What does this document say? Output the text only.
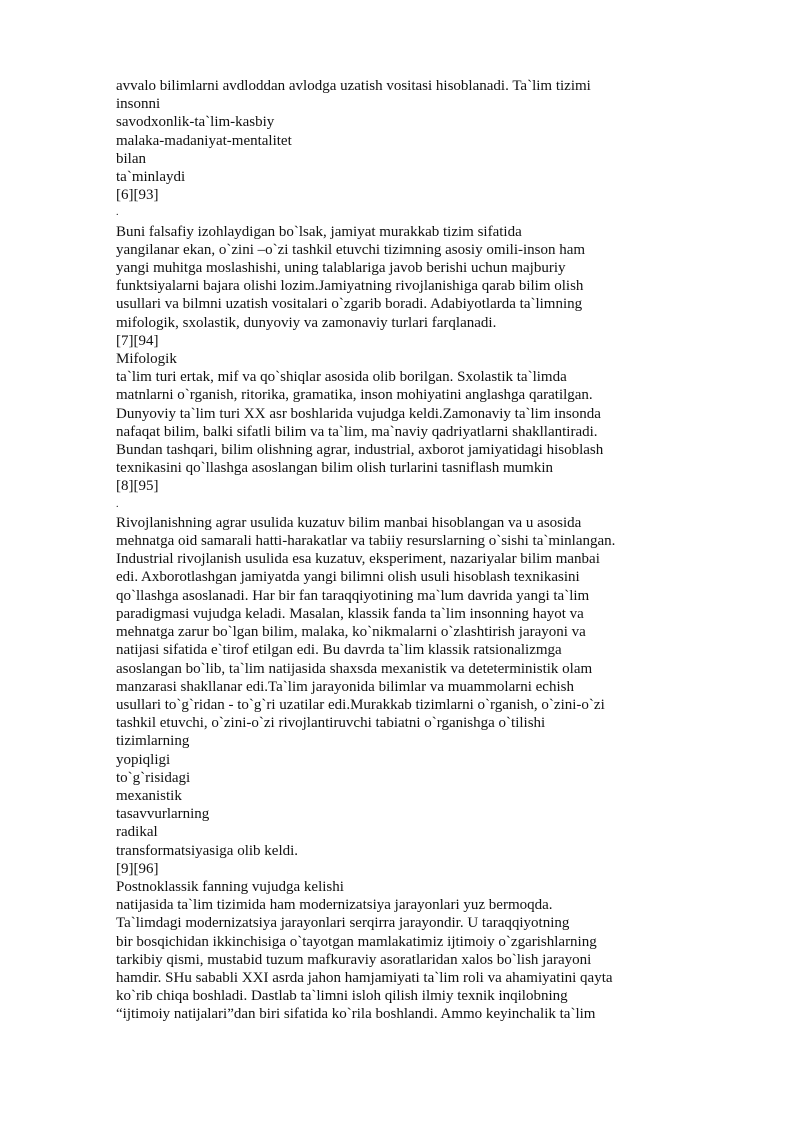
avvalo bilimlarni avdloddan avlodga uzatish vositasi hisoblanadi. Ta`lim tizimi
insonni
savodxonlik-ta`lim-kasbiy
malaka-madaniyat-mentalitet
bilan
ta`minlaydi
[6][93]
.
Buni falsafiy izohlaydigan bo`lsak, jamiyat murakkab tizim sifatida
yangilanar ekan, o`zini –o`zi tashkil etuvchi tizimning asosiy omili-inson ham
yangi muhitga moslashishi, uning talablariga javob berishi uchun majburiy
funktsiyalarni bajara olishi lozim.Jamiyatning rivojlanishiga qarab bilim olish
usullari va bilmni uzatish vositalari o`zgarib boradi. Adabiyotlarda ta`limning
mifologik, sxolastik, dunyoviy va zamonaviy turlari farqlanadi.
[7][94]
Mifologik
ta`lim turi ertak, mif va qo`shiqlar asosida olib borilgan. Sxolastik ta`limda
matnlarni o`rganish, ritorika, gramatika, inson mohiyatini anglashga qaratilgan.
Dunyoviy ta`lim turi XX asr boshlarida vujudga keldi.Zamonaviy ta`lim insonda
nafaqat bilim, balki sifatli bilim va ta`lim, ma`naviy qadriyatlarni shakllantiradi.
Bundan tashqari, bilim olishning agrar, industrial, axborot jamiyatidagi hisoblash
texnikasini qo`llashga asoslangan bilim olish turlarini tasniflash mumkin
[8][95]
.
Rivojlanishning agrar usulida kuzatuv bilim manbai hisoblangan va u asosida
mehnatga oid samarali hatti-harakatlar va tabiiy resurslarning o`sishi ta`minlangan.
Industrial rivojlanish usulida esa kuzatuv, eksperiment, nazariyalar bilim manbai
edi. Axborotlashgan jamiyatda yangi bilimni olish usuli hisoblash texnikasini
qo`llashga asoslanadi. Har bir fan taraqqiyotining ma`lum davrida yangi ta`lim
paradigmasi vujudga keladi. Masalan, klassik fanda ta`lim insonning hayot va
mehnatga zarur bo`lgan bilim, malaka, ko`nikmalarni o`zlashtirish jarayoni va
natijasi sifatida e`tirof etilgan edi. Bu davrda ta`lim klassik ratsionalizmga
asoslangan bo`lib, ta`lim natijasida shaxsda mexanistik va deteterministik olam
manzarasi shakllanar edi.Ta`lim jarayonida bilimlar va muammolarni echish
usullari to`g`ridan - to`g`ri uzatilar edi.Murakkab tizimlarni o`rganish, o`zini-o`zi
tashkil etuvchi, o`zini-o`zi rivojlantiruvchi tabiatni o`rganishga o`tilishi
tizimlarning
yopiqligi
to`g`risidagi
mexanistik
tasavvurlarning
radikal
transformatsiyasiga olib keldi.
[9][96]
Postnoklassik fanning vujudga kelishi
natijasida ta`lim tizimida ham modernizatsiya jarayonlari yuz bermoqda.
Ta`limdagi modernizatsiya jarayonlari serqirra jarayondir. U taraqqiyotning
bir bosqichidan ikkinchisiga o`tayotgan mamlakatimiz ijtimoiy o`zgarishlarning
tarkibiy qismi, mustabid tuzum mafkuraviy asoratlaridan xalos bo`lish jarayoni
hamdir. SHu sababli XXI asrda jahon hamjamiyati ta`lim roli va ahamiyatini qayta
ko`rib chiqa boshladi. Dastlab ta`limni isloh qilish ilmiy texnik inqilobning
“ijtimoiy natijalari”dan biri sifatida ko`rila boshlandi. Ammo keyinchalik ta`lim
